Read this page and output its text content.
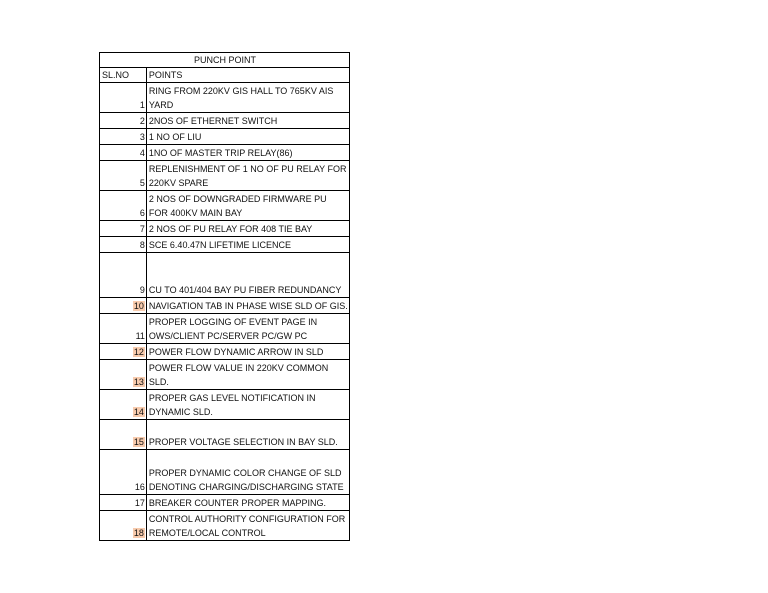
PUNCH POINT	
SL.NO	POINTS
1	RING FROM 220KV GIS HALL TO 765KV AIS YARD
2	2NOS OF ETHERNET SWITCH
3	1 NO OF LIU
4	1NO OF MASTER TRIP RELAY(86)
5	REPLENISHMENT OF 1 NO OF PU RELAY FOR 220KV SPARE
6	2 NOS OF DOWNGRADED FIRMWARE PU FOR 400KV MAIN BAY
7	2 NOS OF PU RELAY FOR 408 TIE BAY
8	SCE 6.40.47N LIFETIME LICENCE
9	CU TO 401/404 BAY PU FIBER REDUNDANCY
10	NAVIGATION TAB IN PHASE WISE SLD OF GIS.
11	PROPER LOGGING OF EVENT PAGE IN OWS/CLIENT PC/SERVER PC/GW PC
12	POWER FLOW DYNAMIC ARROW IN SLD
13	POWER FLOW VALUE IN 220KV COMMON SLD.
14	PROPER GAS LEVEL NOTIFICATION IN DYNAMIC SLD.
15	PROPER VOLTAGE SELECTION IN BAY SLD.
16	PROPER DYNAMIC COLOR CHANGE OF SLD DENOTING CHARGING/DISCHARGING STATE
17	BREAKER COUNTER PROPER MAPPING.
18	CONTROL AUTHORITY CONFIGURATION FOR REMOTE/LOCAL CONTROL
